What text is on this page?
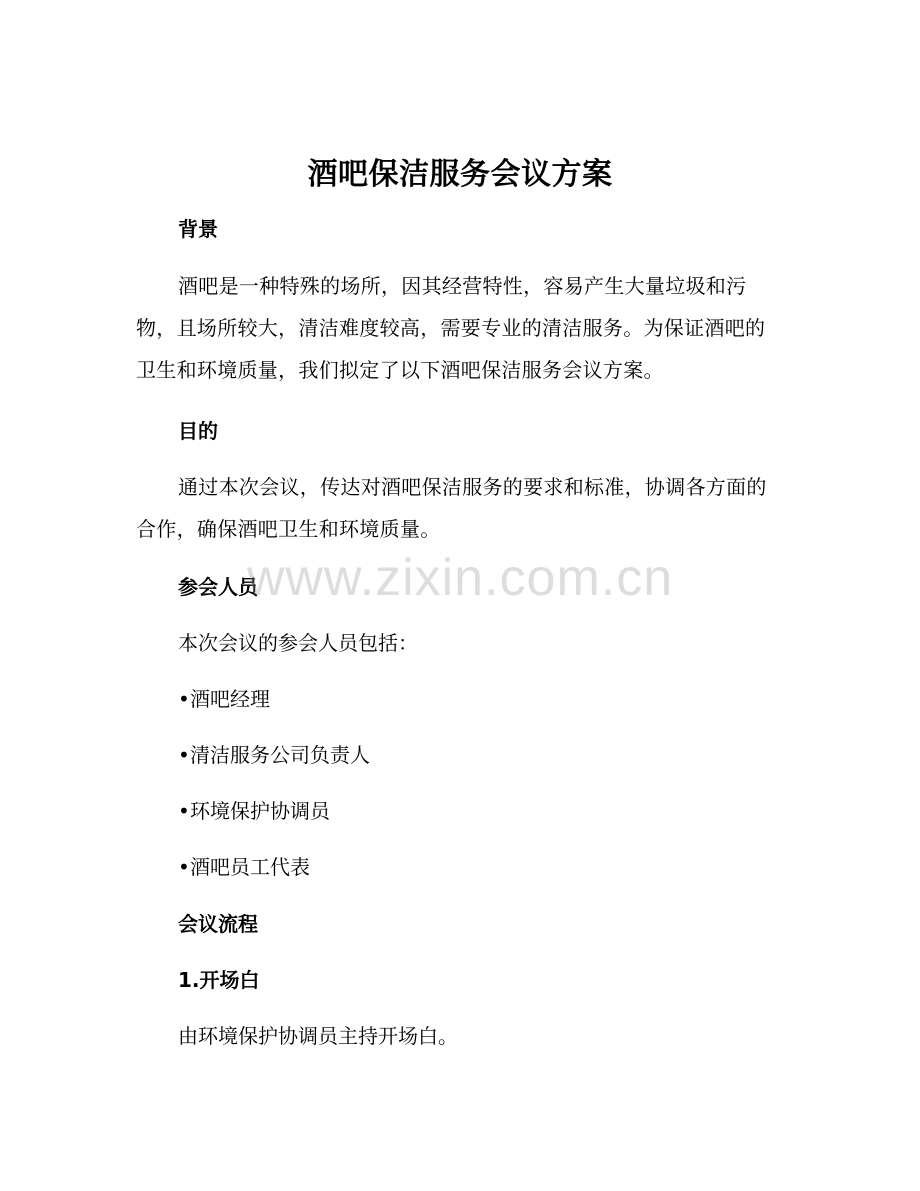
酒吧保洁服务会议方案
背景
酒吧是一种特殊的场所，因其经营特性，容易产生大量垃圾和污物，且场所较大，清洁难度较高，需要专业的清洁服务。为保证酒吧的卫生和环境质量，我们拟定了以下酒吧保洁服务会议方案。
目的
通过本次会议，传达对酒吧保洁服务的要求和标准，协调各方面的合作，确保酒吧卫生和环境质量。
参会人员
本次会议的参会人员包括：
•酒吧经理
•清洁服务公司负责人
•环境保护协调员
•酒吧员工代表
会议流程
1.开场白
由环境保护协调员主持开场白。
www.zixin.com.cn
